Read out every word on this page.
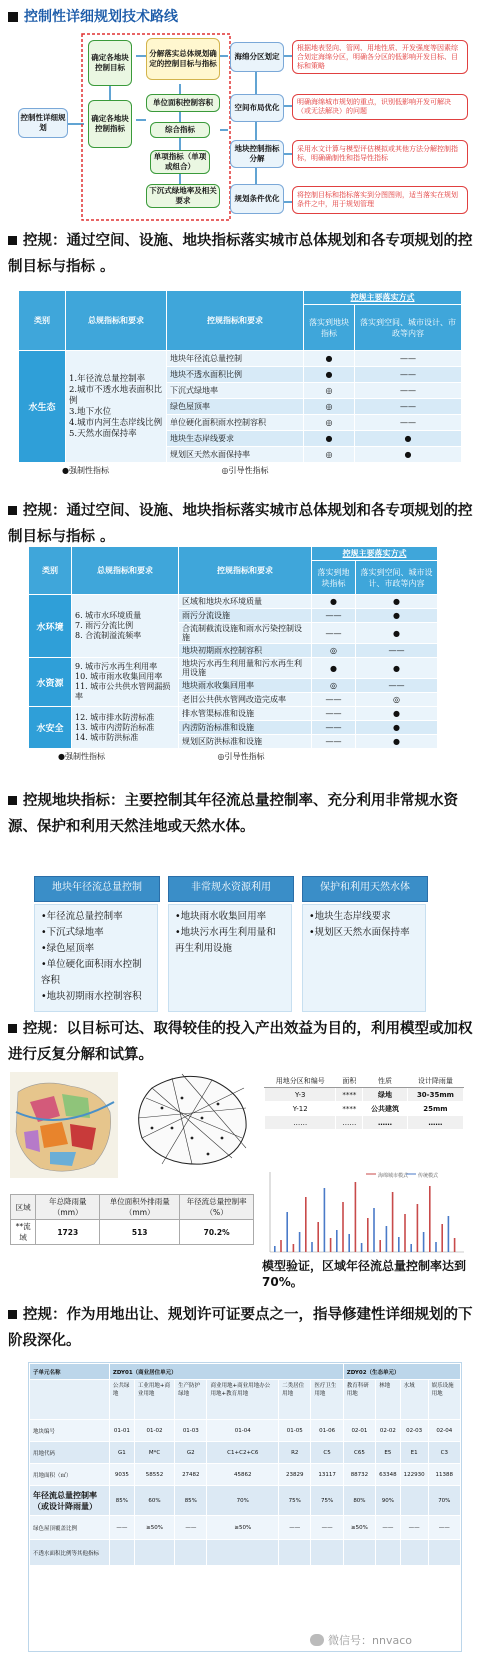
控制性详细规划技术路线
控制性详细规划
确定各地块控制目标
确定各地块控制指标
分解落实总体规划确定的控制目标与指标
单位面积控制容积
综合指标
单项指标（单项或组合）
下沉式绿地率及相关要求
海绵分区划定
空间布局优化
地块控制指标分解
规划条件优化
根据地表竖向、管网、用地性质、开发强度等因素综合划定海绵分区，明确各分区的低影响开发目标、目标和策略
明确海绵城市规划的重点，识别低影响开发可解决（或无法解决）的问题
采用水文计算与模型评估模拟或其他方法分解控制指标，明确确制性和指导性指标
将控制目标和指标落实到分图图则，适当落实在规划条件之中，用于规划管理
控规：通过空间、设施、地块指标落实城市总体规划和各专项规划的控制目标与指标 。
类别	总规指标和要求	控规指标和要求	控规主要落实方式	
			落实到地块指标	落实到空间、城市设计、市政等内容
水生态	1.年径流总量控制率
2.城市不透水地表面积比例
3.地下水位
4.城市内河生态岸线比例
5.天然水面保持率	地块年径流总量控制	●	——
		地块不透水面积比例	●	——
		下沉式绿地率	◎	——
		绿色屋顶率	◎	——
		单位硬化面积雨水控制容积	◎	——
		地块生态岸线要求	●	●
		规划区天然水面保持率	◎	●
●强制性指标	◎引导性指标
控规：通过空间、设施、地块指标落实城市总体规划和各专项规划的控制目标与指标 。
类别	总规指标和要求	控规指标和要求	控规主要落实方式	
			落实到地块指标	落实到空间、城市设计、市政等内容
水环境	6. 城市水环境质量
7. 雨污分流比例
8. 合流制溢流频率	区域和地块水环境质量	●	●
		雨污分流设施	——	●
		合流制截流设施和雨水污染控制设施	——	●
		地块初期雨水控制容积	◎	——
水资源	9. 城市污水再生利用率
10. 城市雨水收集回用率
11. 城市公共供水管网漏损率	地块污水再生利用量和污水再生利用设施	●	●
		地块雨水收集回用率	◎	——
		老旧公共供水管网改造完成率	——	◎
水安全	12. 城市排水防涝标准
13. 城市内涝防治标准
14. 城市防洪标准	排水管渠标准和设施	——	●
		内涝防治标准和设施	——	●
		规划区防洪标准和设施	——	●
●强制性指标	◎引导性指标
控规地块指标：主要控制其年径流总量控制率、充分利用非常规水资源、保护和利用天然洼地或天然水体。
地块年径流总量控制
•年径流总量控制率
•下沉式绿地率
•绿色屋顶率
•单位硬化面积雨水控制容积
•地块初期雨水控制容积
非常规水资源利用
•地块雨水收集回用率
•地块污水再生利用量和再生利用设施
保护和利用天然水体
•地块生态岸线要求
•规划区天然水面保持率
控规：以目标可达、取得较佳的投入产出效益为目的，利用模型或加权进行反复分解和试算。
用地分区和编号	面积	性质	设计降雨量
Y-3	****	绿地	30-35mm
Y-12	****	公共建筑	25mm
……	……	……	……
区域	年总降雨量（mm）	单位面积外排雨量（mm）	年径流总量控制率（%）
**流域	1723	513	70.2%
传统模式
海绵城市模式
模型验证，区域年径流总量控制率达到70%。
控规：作为用地出让、规划许可证要点之一，指导修建性详细规划的下阶段深化。
子单元名称	ZDY01（商业居住单元）						ZDY02（生态单元）			
	公共绿地	工业用地+商业用地	生产防护绿地	商业用地+商业用地办公用地+教育用地	二类居住用地	医疗卫生用地	教育科研用地	林地	水域	娱乐设施用地
地块编号	01-01	01-02	01-03	01-04	01-05	01-06	02-01	02-02	02-03	02-04
用地代码	G1	M*C	G2	C1+C2+C6	R2	C5	C65	E5	E1	C3
用地面积（㎡）	9035	58552	27482	45862	23829	13117	88732	63348	122930	11388
年径流总量控制率（或设计降雨量）	85%	60%	85%	70%	75%	75%	80%	90%		70%
绿色屋顶覆盖比例	——	≥50%	——	≥50%	——	——	≥50%	——	——	——
不透水面积比例等其他指标										
微信号：nnvaco
